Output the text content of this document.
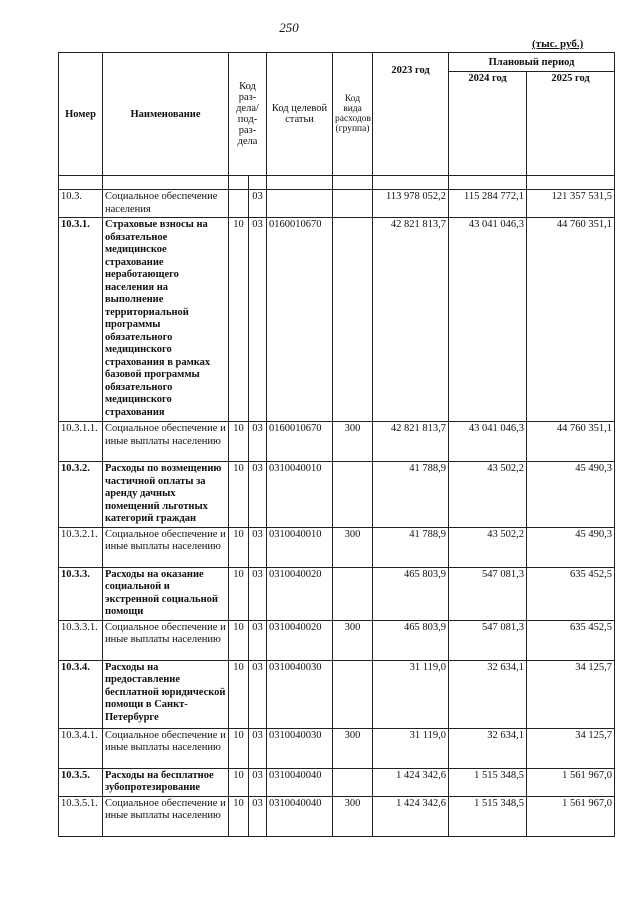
250
(тыс. руб.)
Номер	Наименование	Код раз-дела/ под-раз-дела		Код целевой статьи	Код вида расходов (группа)	2023 год	Плановый период	
							2024 год	2025 год

10.3.	Социальное обеспечение населения		03			113 978 052,2	115 284 772,1	121 357 531,5
10.3.1.	Страховые взносы на обязательное медицинское страхование неработающего населения на выполнение территориальной программы обязательного медицинского страхования в рамках базовой программы обязательного медицинского страхования	10	03	0160010670		42 821 813,7	43 041 046,3	44 760 351,1
10.3.1.1.	Социальное обеспечение и иные выплаты населению	10	03	0160010670	300	42 821 813,7	43 041 046,3	44 760 351,1
10.3.2.	Расходы по возмещению частичной оплаты за аренду дачных помещений льготных категорий граждан	10	03	0310040010		41 788,9	43 502,2	45 490,3
10.3.2.1.	Социальное обеспечение и иные выплаты населению	10	03	0310040010	300	41 788,9	43 502,2	45 490,3
10.3.3.	Расходы на оказание социальной и экстренной социальной помощи	10	03	0310040020		465 803,9	547 081,3	635 452,5
10.3.3.1.	Социальное обеспечение и иные выплаты населению	10	03	0310040020	300	465 803,9	547 081,3	635 452,5
10.3.4.	Расходы на предоставление бесплатной юридической помощи в Санкт-Петербурге	10	03	0310040030		31 119,0	32 634,1	34 125,7
10.3.4.1.	Социальное обеспечение и иные выплаты населению	10	03	0310040030	300	31 119,0	32 634,1	34 125,7
10.3.5.	Расходы на бесплатное зубопротезирование	10	03	0310040040		1 424 342,6	1 515 348,5	1 561 967,0
10.3.5.1.	Социальное обеспечение и иные выплаты населению	10	03	0310040040	300	1 424 342,6	1 515 348,5	1 561 967,0
